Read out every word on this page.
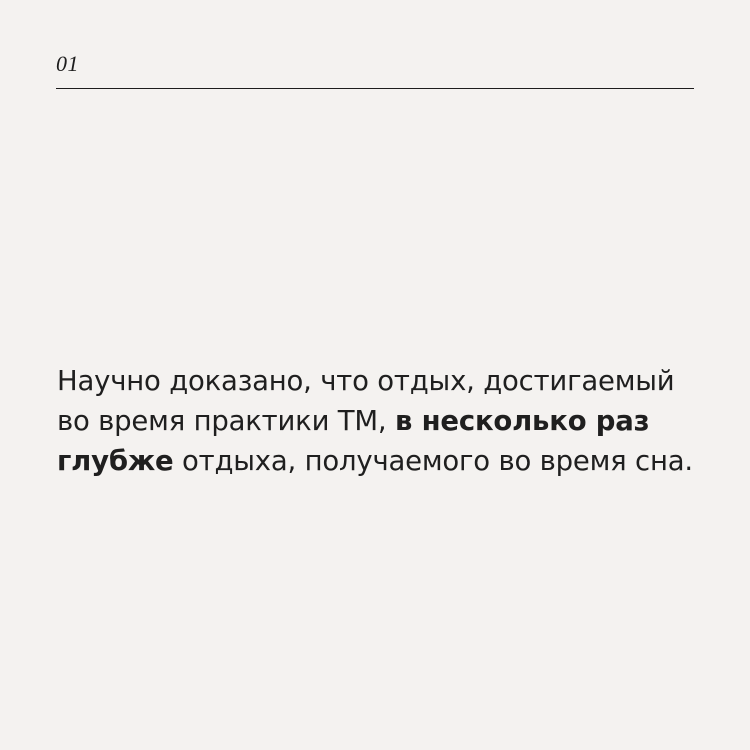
01

Научно доказано, что отдых, достигаемый во время практики ТМ, в несколько раз глубже отдыха, получаемого во время сна.
